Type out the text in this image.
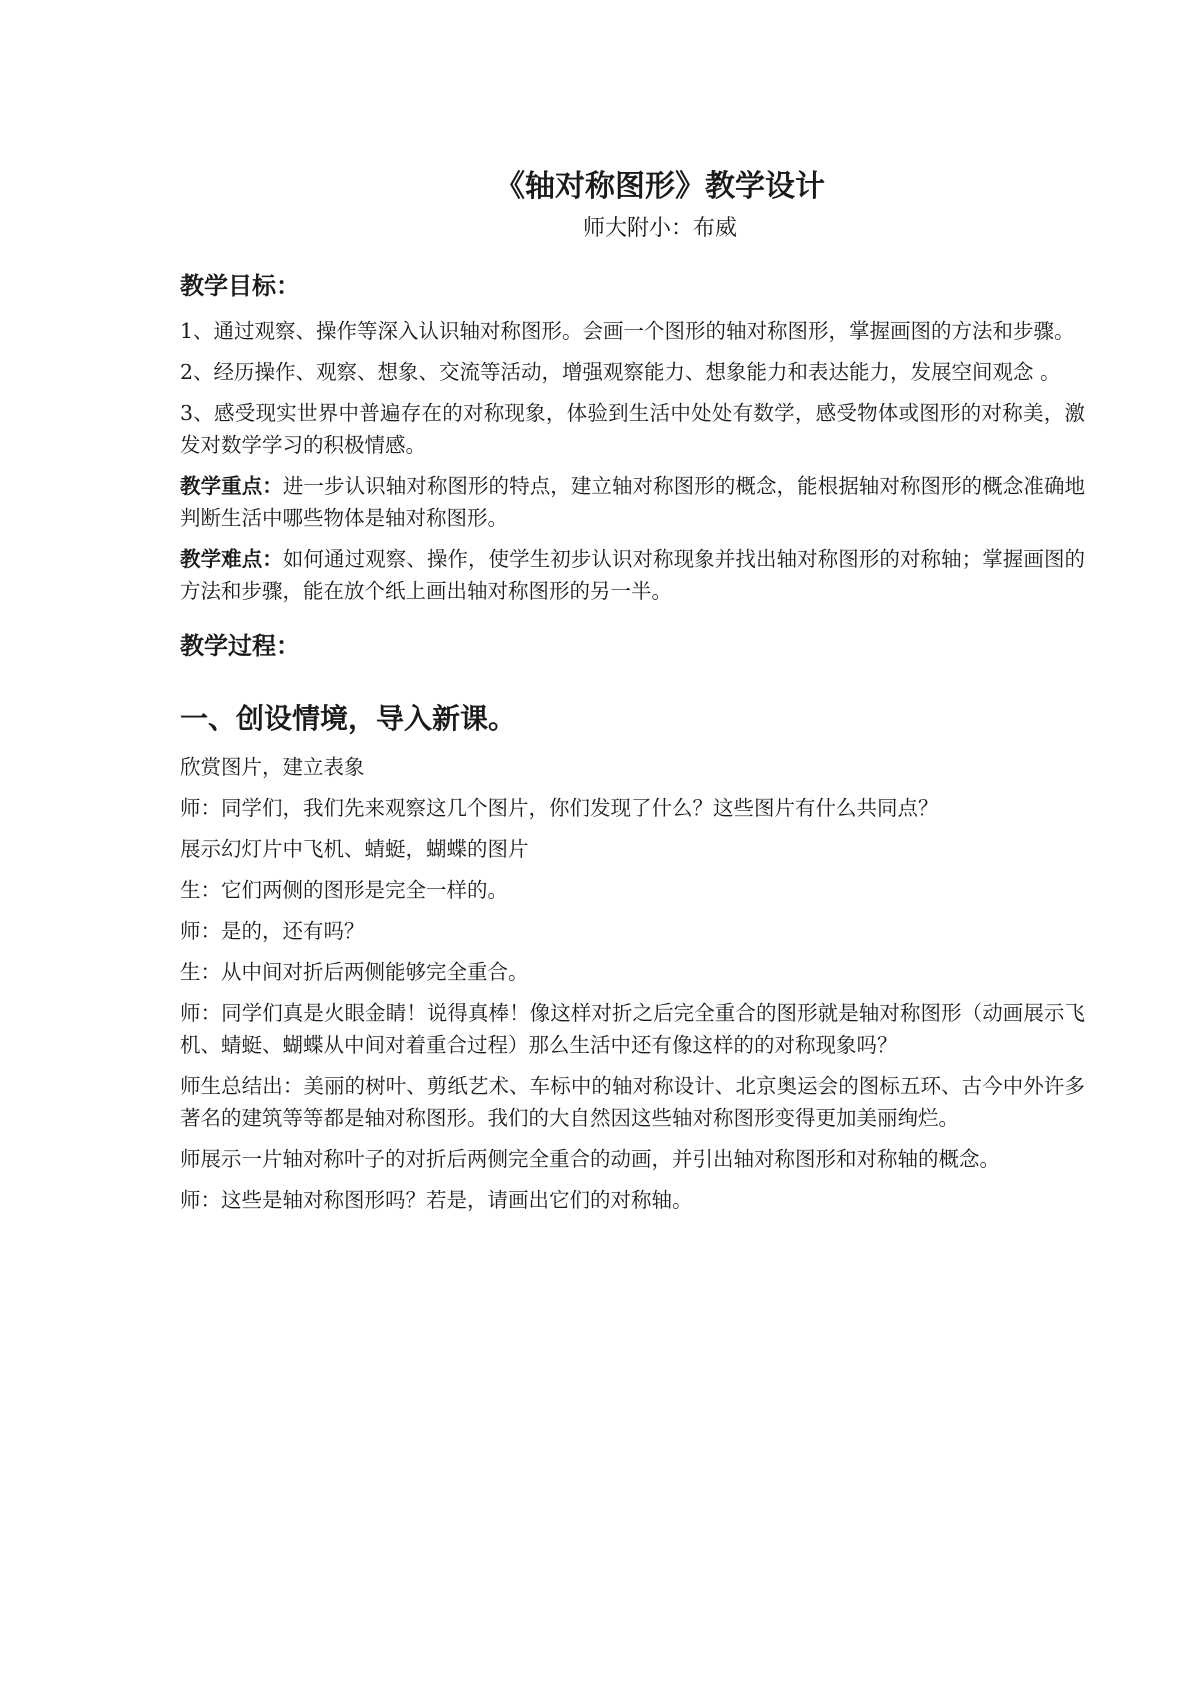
《轴对称图形》教学设计
师大附小：布威
教学目标：

1、通过观察、操作等深入认识轴对称图形。会画一个图形的轴对称图形，掌握画图的方法和步骤。

2、经历操作、观察、想象、交流等活动，增强观察能力、想象能力和表达能力，发展空间观念 。

3、感受现实世界中普遍存在的对称现象，体验到生活中处处有数学，感受物体或图形的对称美，激发对数学学习的积极情感。

教学重点：进一步认识轴对称图形的特点，建立轴对称图形的概念，能根据轴对称图形的概念准确地判断生活中哪些物体是轴对称图形。

教学难点：如何通过观察、操作，使学生初步认识对称现象并找出轴对称图形的对称轴；掌握画图的方法和步骤，能在放个纸上画出轴对称图形的另一半。

教学过程：
一、创设情境，导入新课。

欣赏图片，建立表象

师：同学们，我们先来观察这几个图片，你们发现了什么？这些图片有什么共同点？

展示幻灯片中飞机、蜻蜓，蝴蝶的图片

生：它们两侧的图形是完全一样的。

师：是的，还有吗？

生：从中间对折后两侧能够完全重合。

师：同学们真是火眼金睛！说得真棒！像这样对折之后完全重合的图形就是轴对称图形（动画展示飞机、蜻蜓、蝴蝶从中间对着重合过程）那么生活中还有像这样的的对称现象吗？

师生总结出：美丽的树叶、剪纸艺术、车标中的轴对称设计、北京奥运会的图标五环、古今中外许多著名的建筑等等都是轴对称图形。我们的大自然因这些轴对称图形变得更加美丽绚烂。

师展示一片轴对称叶子的对折后两侧完全重合的动画，并引出轴对称图形和对称轴的概念。

师：这些是轴对称图形吗？若是，请画出它们的对称轴。
